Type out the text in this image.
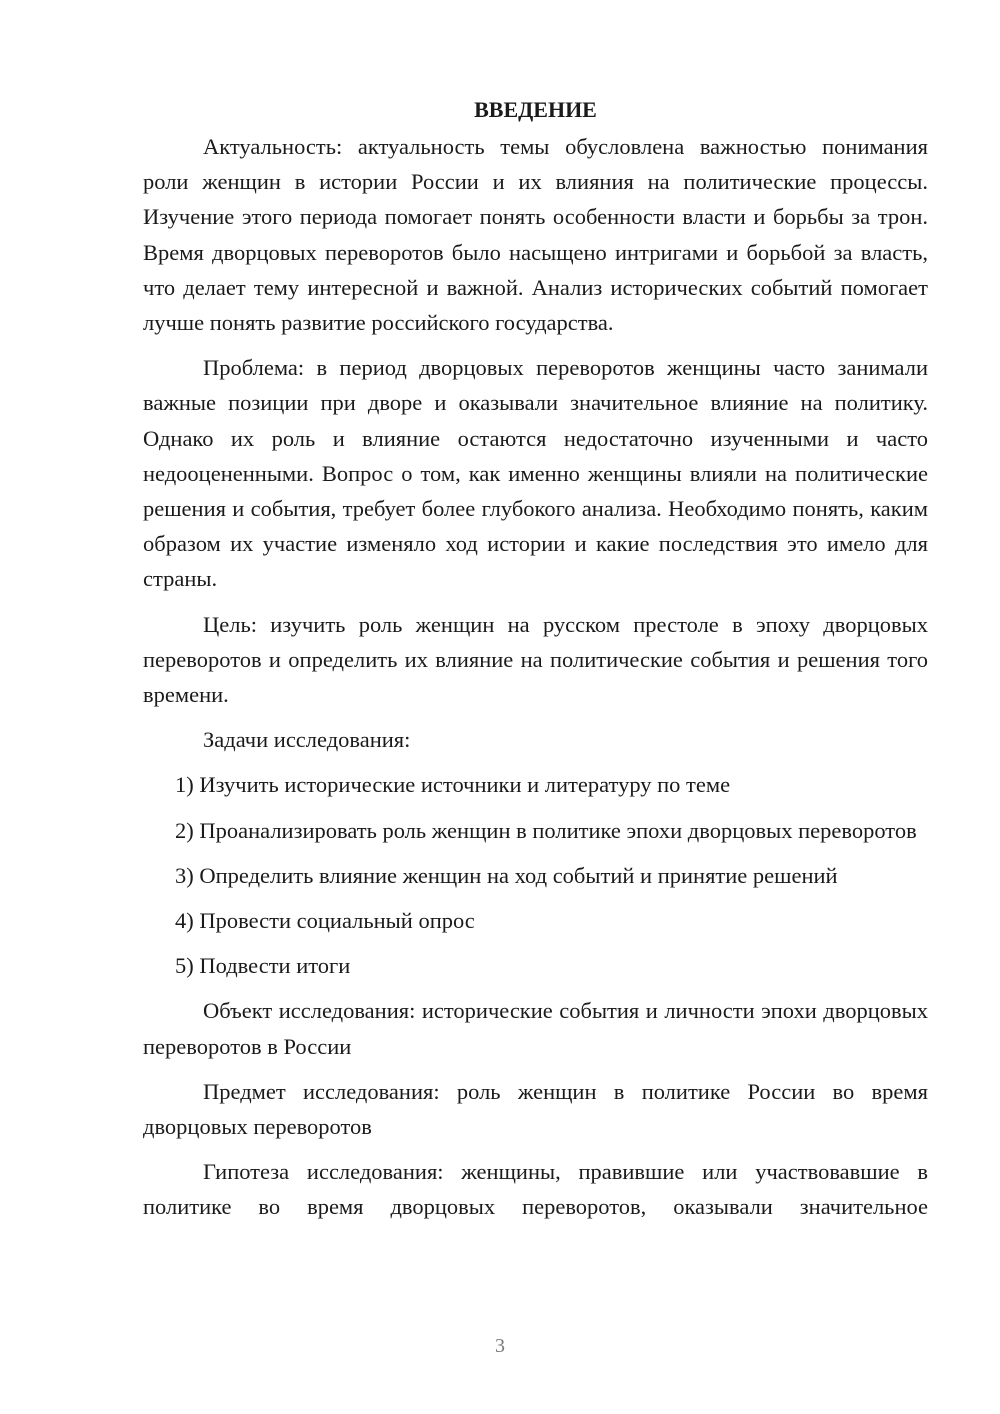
ВВЕДЕНИЕ

Актуальность: актуальность темы обусловлена важностью понимания роли женщин в истории России и их влияния на политические процессы. Изучение этого периода помогает понять особенности власти и борьбы за трон. Время дворцовых переворотов было насыщено интригами и борьбой за власть, что делает тему интересной и важной. Анализ исторических событий помогает лучше понять развитие российского государства.

Проблема: в период дворцовых переворотов женщины часто занимали важные позиции при дворе и оказывали значительное влияние на политику. Однако их роль и влияние остаются недостаточно изученными и часто недооцененными. Вопрос о том, как именно женщины влияли на политические решения и события, требует более глубокого анализа. Необходимо понять, каким образом их участие изменяло ход истории и какие последствия это имело для страны.

Цель: изучить роль женщин на русском престоле в эпоху дворцовых переворотов и определить их влияние на политические события и решения того времени.

Задачи исследования:

1) Изучить исторические источники и литературу по теме

2) Проанализировать роль женщин в политике эпохи дворцовых переворотов

3) Определить влияние женщин на ход событий и принятие решений

4) Провести социальный опрос

5) Подвести итоги

Объект исследования: исторические события и личности эпохи дворцовых переворотов в России

Предмет исследования: роль женщин в политике России во время дворцовых переворотов

Гипотеза исследования: женщины, правившие или участвовавшие в политике во время дворцовых переворотов, оказывали значительное

3
